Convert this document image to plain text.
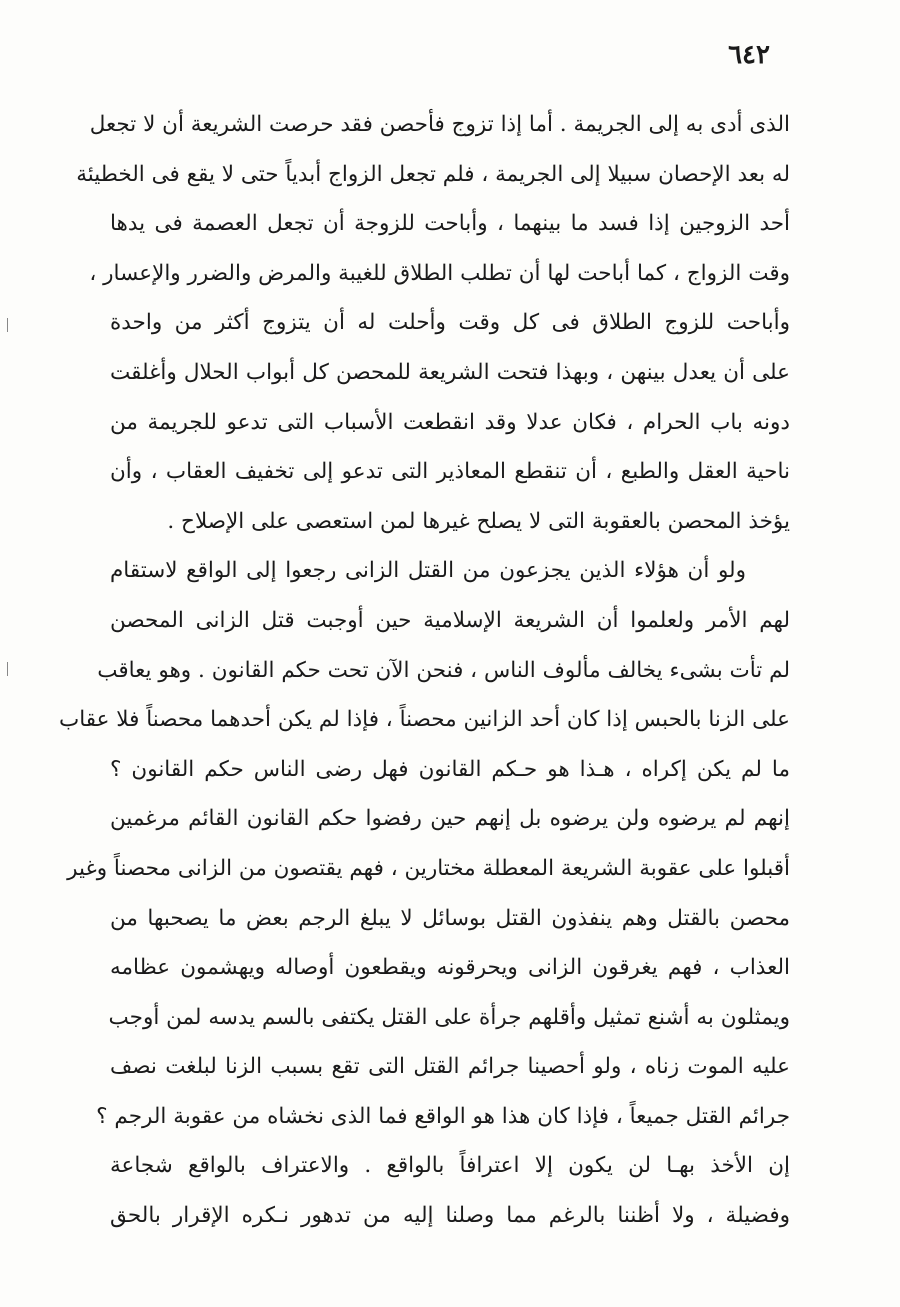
٦٤٢
الذى أدى به إلى الجريمة . أما إذا تزوج فأحصن فقد حرصت الشريعة أن لا تجعل
له بعد الإحصان سبيلا إلى الجريمة ، فلم تجعل الزواج أبدياً حتى لا يقع فى الخطيئة
أحد الزوجين إذا فسد ما بينهما ، وأباحت للزوجة أن تجعل العصمة فى يدها
وقت الزواج ، كما أباحت لها أن تطلب الطلاق للغيبة والمرض والضرر والإعسار ،
وأباحت للزوج الطلاق فى كل وقت وأحلت له أن يتزوج أكثر من واحدة
على أن يعدل بينهن ، وبهذا فتحت الشريعة للمحصن كل أبواب الحلال وأغلقت
دونه باب الحرام ، فكان عدلا وقد انقطعت الأسباب التى تدعو للجريمة من
ناحية العقل والطبع ، أن تنقطع المعاذير التى تدعو إلى تخفيف العقاب ، وأن
يؤخذ المحصن بالعقوبة التى لا يصلح غيرها لمن استعصى على الإصلاح .
ولو أن هؤلاء الذين يجزعون من القتل الزانى رجعوا إلى الواقع لاستقام
لهم الأمر ولعلموا أن الشريعة الإسلامية حين أوجبت قتل الزانى المحصن
لم تأت بشىء يخالف مألوف الناس ، فنحن الآن تحت حكم القانون . وهو يعاقب
على الزنا بالحبس إذا كان أحد الزانين محصناً ، فإذا لم يكن أحدهما محصناً فلا عقاب
ما لم يكن إكراه ، هـذا هو حـكم القانون فهل رضى الناس حكم القانون ؟
إنهم لم يرضوه ولن يرضوه بل إنهم حين رفضوا حكم القانون القائم مرغمين
أقبلوا على عقوبة الشريعة المعطلة مختارين ، فهم يقتصون من الزانى محصناً وغير
محصن بالقتل وهم ينفذون القتل بوسائل لا يبلغ الرجم بعض ما يصحبها من
العذاب ، فهم يغرقون الزانى ويحرقونه ويقطعون أوصاله ويهشمون عظامه
ويمثلون به أشنع تمثيل وأقلهم جرأة على القتل يكتفى بالسم يدسه لمن أوجب
عليه الموت زناه ، ولو أحصينا جرائم القتل التى تقع بسبب الزنا لبلغت نصف
جرائم القتل جميعاً ، فإذا كان هذا هو الواقع فما الذى نخشاه من عقوبة الرجم ؟
إن الأخذ بهـا لن يكون إلا اعترافاً بالواقع . والاعتراف بالواقع شجاعة
وفضيلة ، ولا أظننا بالرغم مما وصلنا إليه من تدهور نـكره الإقرار بالحق
